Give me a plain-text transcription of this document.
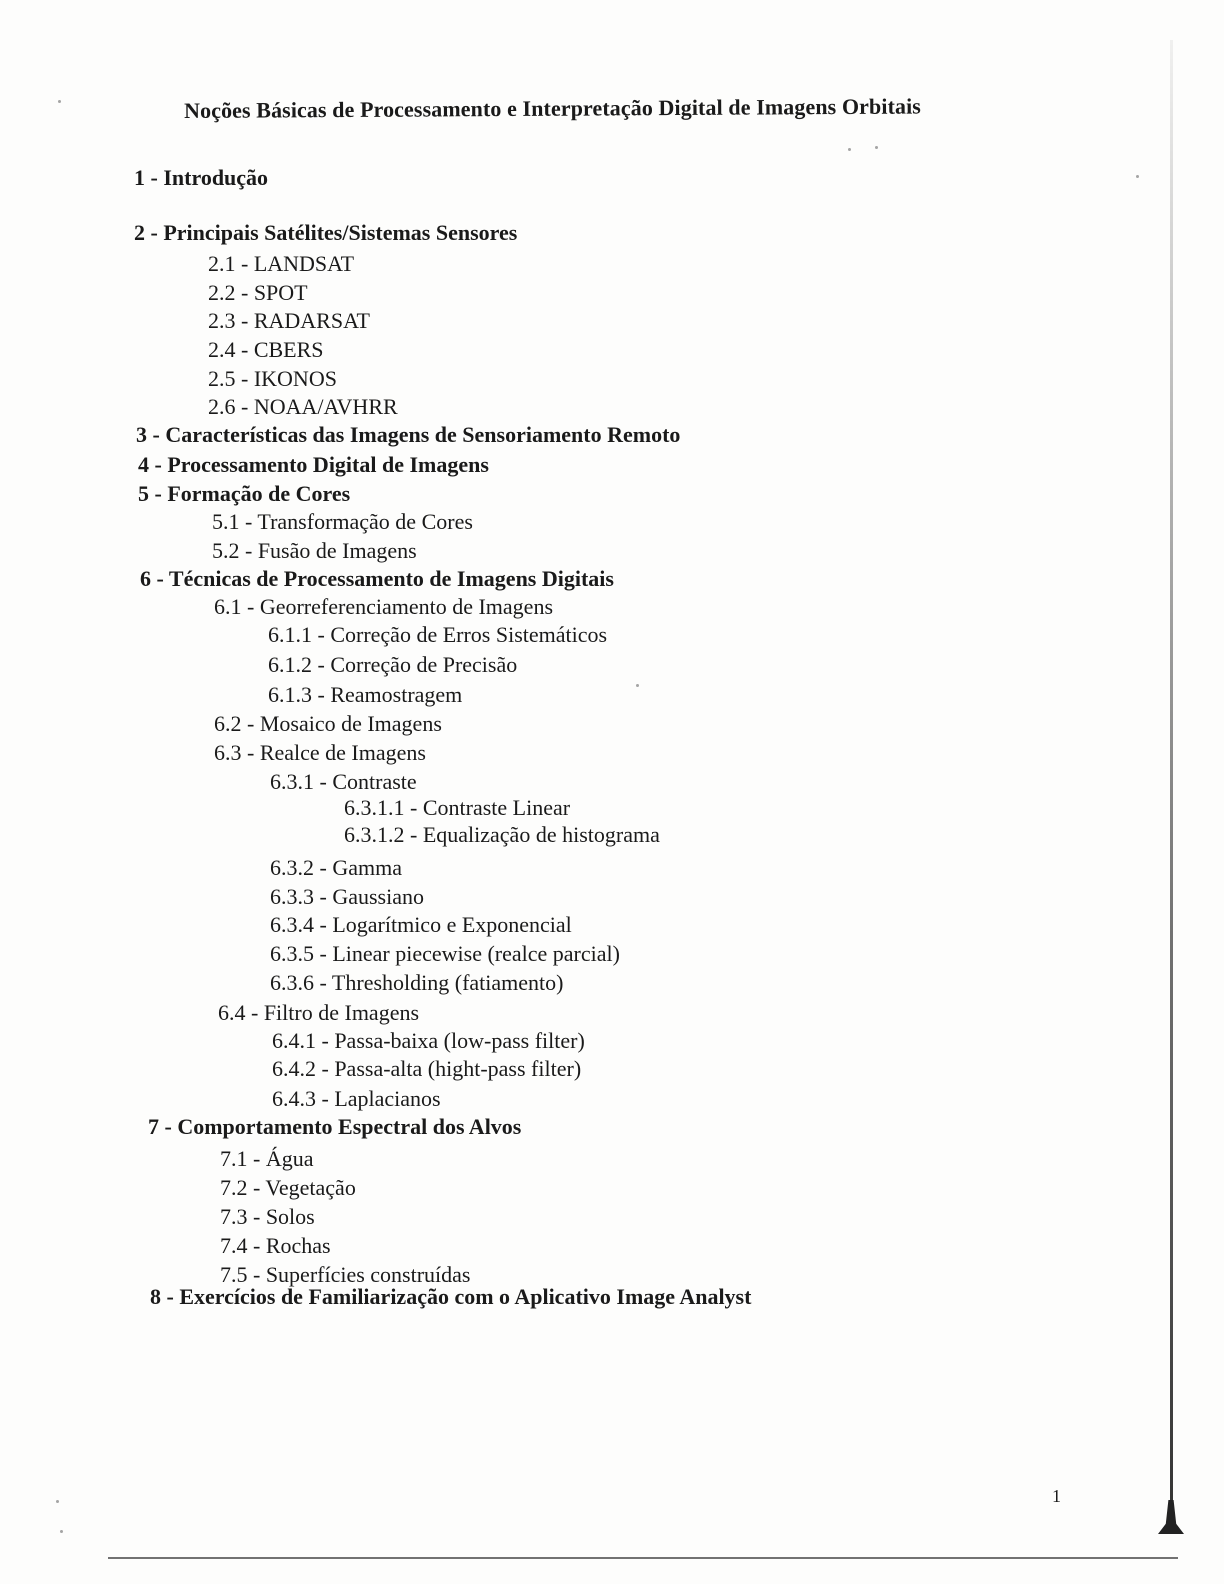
Noções Básicas de Processamento e Interpretação Digital de Imagens Orbitais
1 - Introdução
2 - Principais Satélites/Sistemas Sensores
2.1 - LANDSAT
2.2 - SPOT
2.3 - RADARSAT
2.4 - CBERS
2.5 - IKONOS
2.6 - NOAA/AVHRR
3 - Características das Imagens de Sensoriamento Remoto
4 - Processamento Digital de Imagens
5 - Formação de Cores
5.1 - Transformação de Cores
5.2 - Fusão de Imagens
6 - Técnicas de Processamento de Imagens Digitais
6.1 - Georreferenciamento de Imagens
6.1.1 - Correção de Erros Sistemáticos
6.1.2 - Correção de Precisão
6.1.3 - Reamostragem
6.2 - Mosaico de Imagens
6.3 - Realce de Imagens
6.3.1 - Contraste
6.3.1.1 - Contraste Linear
6.3.1.2 - Equalização de histograma
6.3.2 - Gamma
6.3.3 - Gaussiano
6.3.4 - Logarítmico e Exponencial
6.3.5 - Linear piecewise (realce parcial)
6.3.6 - Thresholding (fatiamento)
6.4 - Filtro de Imagens
6.4.1 - Passa-baixa (low-pass filter)
6.4.2 - Passa-alta (hight-pass filter)
6.4.3 - Laplacianos
7 - Comportamento Espectral dos Alvos
7.1 - Água
7.2 - Vegetação
7.3 - Solos
7.4 - Rochas
7.5 - Superfícies construídas
8 - Exercícios de Familiarização com o Aplicativo Image Analyst
1
